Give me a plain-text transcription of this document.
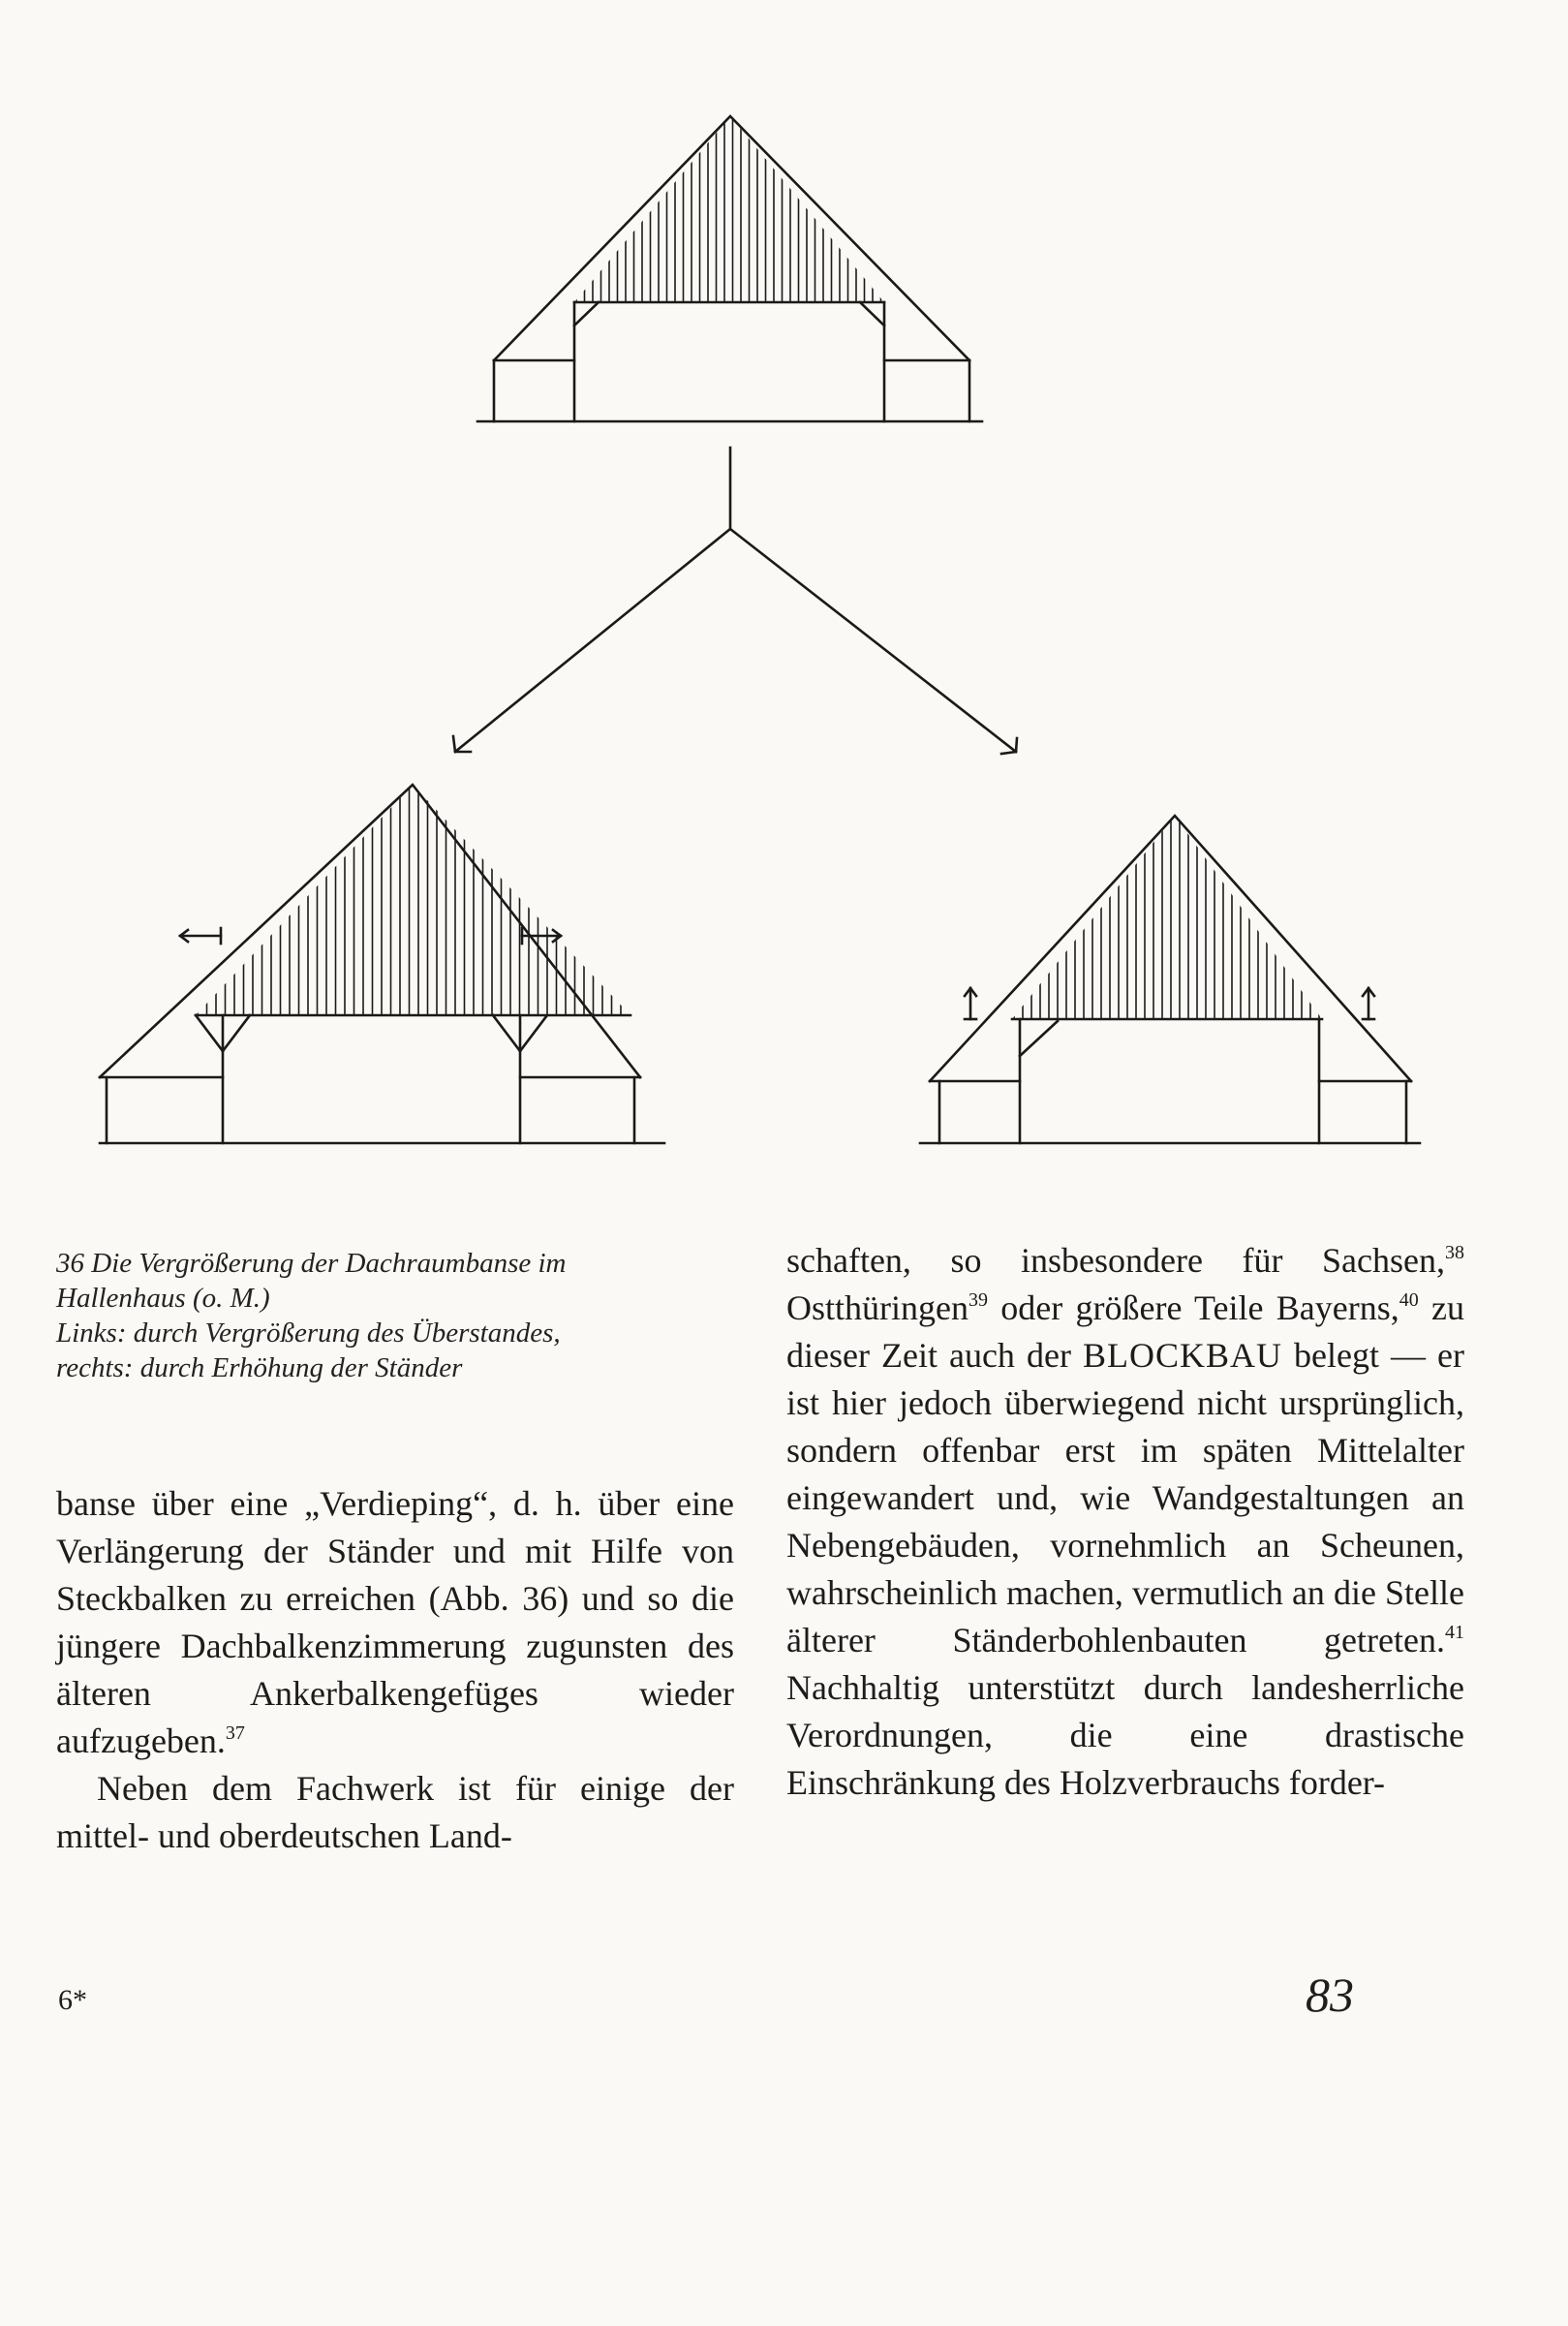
36 Die Vergrößerung der Dachraumbanse im
Hallenhaus (o. M.)
Links: durch Vergrößerung des Überstandes,
rechts: durch Erhöhung der Ständer

banse über eine „Verdieping“, d. h. über eine Verlängerung der Ständer und mit Hilfe von Steckbalken zu erreichen (Abb. 36) und so die jüngere Dachbalkenzimmerung zugunsten des älteren Ankerbalkengefüges wieder aufzugeben.$^{37}$

Neben dem Fachwerk ist für einige der mittel- und oberdeutschen Land-

schaften, so insbesondere für Sachsen,$^{38}$ Ostthüringen$^{39}$ oder größere Teile Bayerns,$^{40}$ zu dieser Zeit auch der BLOCKBAU belegt — er ist hier jedoch überwiegend nicht ursprünglich, sondern offenbar erst im späten Mittelalter eingewandert und, wie Wandgestaltungen an Nebengebäuden, vornehmlich an Scheunen, wahrscheinlich machen, vermutlich an die Stelle älterer Ständerbohlenbauten getreten.$^{41}$ Nachhaltig unterstützt durch landesherrliche Verordnungen, die eine drastische Einschränkung des Holzverbrauchs forder-

6*	83
